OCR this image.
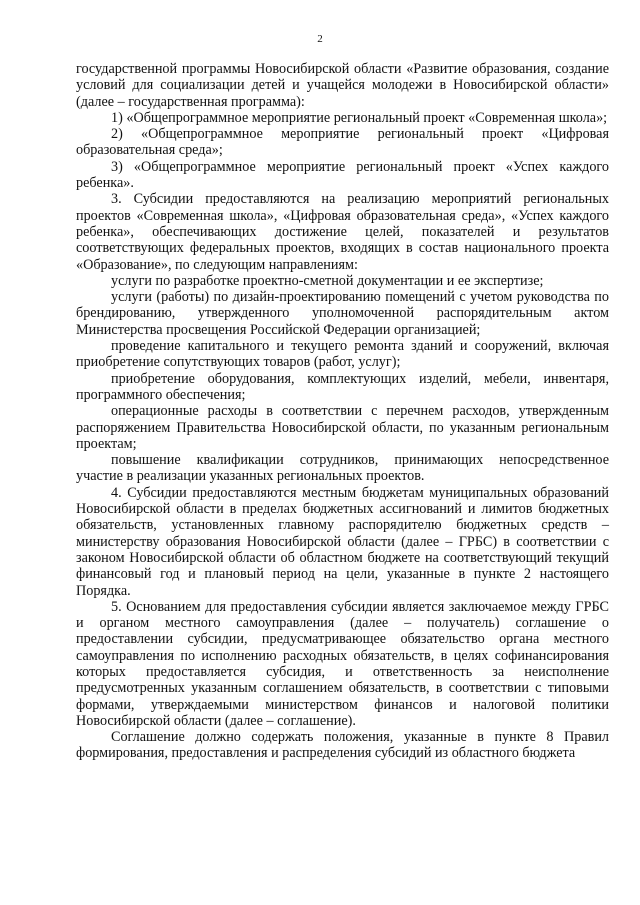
2

государственной программы Новосибирской области «Развитие образования, создание условий для социализации детей и учащейся молодежи в Новосибирской области» (далее – государственная программа):

1) «Общепрограммное мероприятие региональный проект «Современная школа»;

2) «Общепрограммное мероприятие региональный проект «Цифровая образовательная среда»;

3) «Общепрограммное мероприятие региональный проект «Успех каждого ребенка».

3. Субсидии предоставляются на реализацию мероприятий региональных проектов «Современная школа», «Цифровая образовательная среда», «Успех каждого ребенка», обеспечивающих достижение целей, показателей и результатов соответствующих федеральных проектов, входящих в состав национального проекта «Образование», по следующим направлениям:

услуги по разработке проектно-сметной документации и ее экспертизе;

услуги (работы) по дизайн-проектированию помещений с учетом руководства по брендированию, утвержденного уполномоченной распорядительным актом Министерства просвещения Российской Федерации организацией;

проведение капитального и текущего ремонта зданий и сооружений, включая приобретение сопутствующих товаров (работ, услуг);

приобретение оборудования, комплектующих изделий, мебели, инвентаря, программного обеспечения;

операционные расходы в соответствии с перечнем расходов, утвержденным распоряжением Правительства Новосибирской области, по указанным региональным проектам;

повышение квалификации сотрудников, принимающих непосредственное участие в реализации указанных региональных проектов.

4. Субсидии предоставляются местным бюджетам муниципальных образований Новосибирской области в пределах бюджетных ассигнований и лимитов бюджетных обязательств, установленных главному распорядителю бюджетных средств – министерству образования Новосибирской области (далее – ГРБС) в соответствии с законом Новосибирской области об областном бюджете на соответствующий текущий финансовый год и плановый период на цели, указанные в пункте 2 настоящего Порядка.

5. Основанием для предоставления субсидии является заключаемое между ГРБС и органом местного самоуправления (далее – получатель) соглашение о предоставлении субсидии, предусматривающее обязательство органа местного самоуправления по исполнению расходных обязательств, в целях софинансирования которых предоставляется субсидия, и ответственность за неисполнение предусмотренных указанным соглашением обязательств, в соответствии с типовыми формами, утверждаемыми министерством финансов и налоговой политики Новосибирской области (далее – соглашение).

Соглашение должно содержать положения, указанные в пункте 8 Правил формирования, предоставления и распределения субсидий из областного бюджета
